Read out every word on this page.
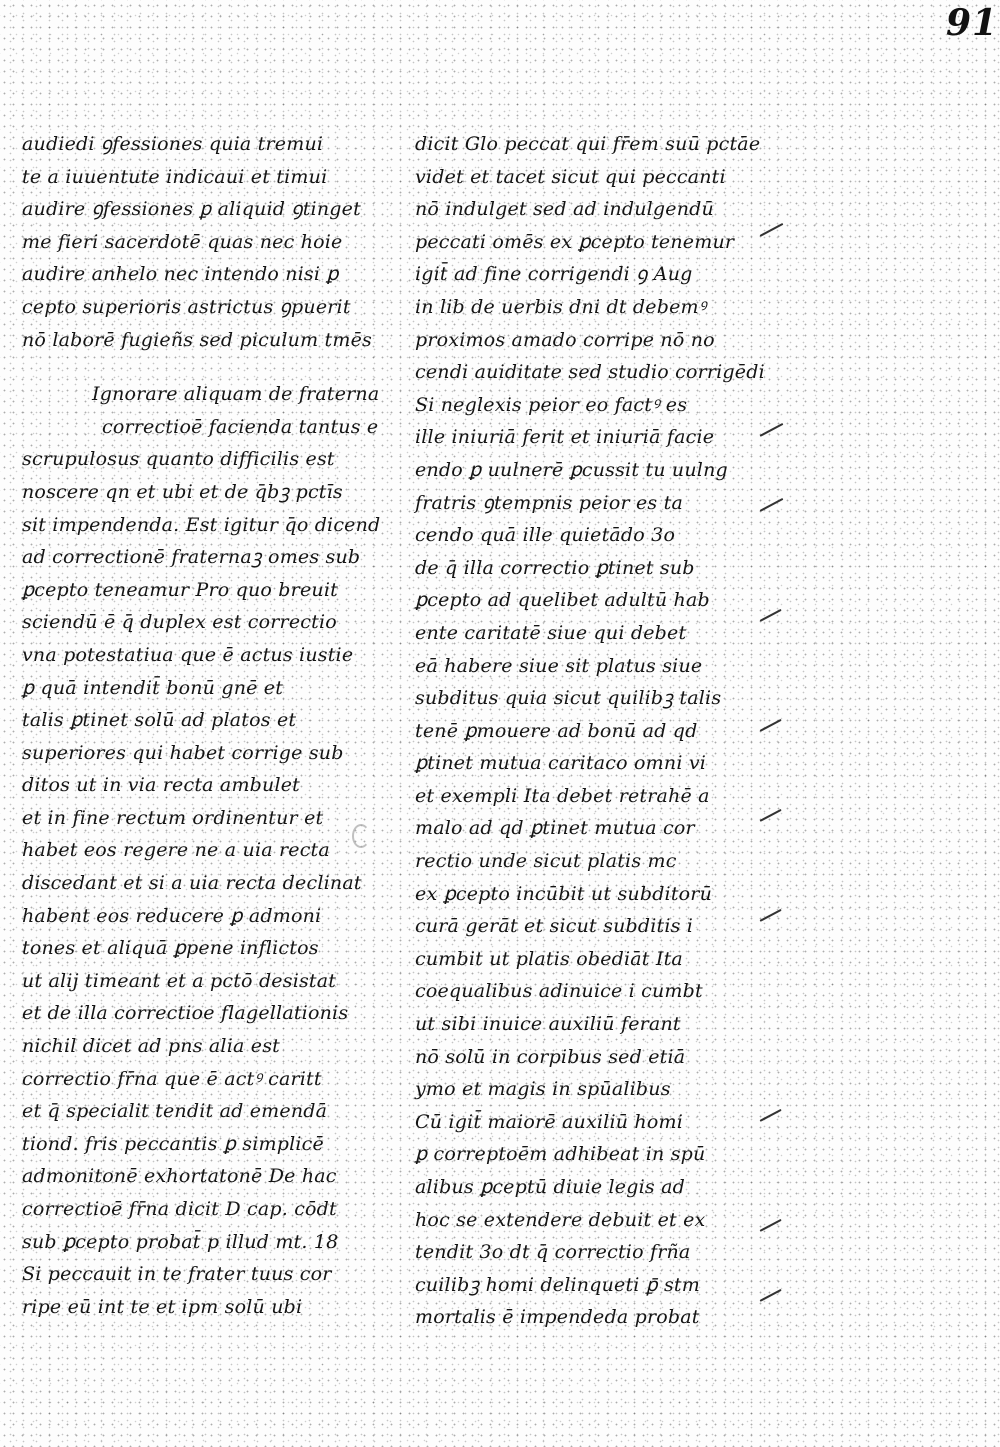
91
audiedi ꝯfessiones quia tremui
te a iuuentute indicaui et timui
audire ꝯfessiones ꝑ aliquid ꝯtinget
me fieri sacerdotē quas nec hoie
audire anhelo nec intendo nisi ꝑ
cepto superioris astrictus ꝯpuerit
nō laborē fugieñs sed piculum tmēs
Ignorare aliquam de fraterna
correctioē facienda tantus e
scrupulosus quanto difficilis est
noscere qn et ubi et de q̄bꝫ pctīs
sit impendenda. Est igitur q̄o dicend
ad correctionē fraternaꝫ omes sub
ꝑcepto teneamur Pro quo breuit
sciendū ē q̄ duplex est correctio
vna potestatiua que ē actus iustie
ꝑ quā intendit̄ bonū gnē et
talis ꝑtinet solū ad platos et
superiores qui habet corrige sub
ditos ut in via recta ambulet
et in fine rectum ordinentur et
habet eos regere ne a uia recta
discedant et si a uia recta declinat
habent eos reducere ꝑ admoni
tones et aliquā ꝑpene inflictos
ut alij timeant et a pctō desistat
et de illa correctioe flagellationis
nichil dicet ad pns alia est
correctio fr̄na que ē actꝰ caritt
et q̄ specialit tendit ad emendā
tiond. fris peccantis ꝑ simplicē
admonitonē exhortatonē De hac
correctioē fr̄na dicit D cap. cōdt
sub ꝑcepto probat̄ p illud mt. 18
Si peccauit in te frater tuus cor
ripe eū int te et ipm solū ubi
dicit Glo peccat qui fr̄em suū pctāe
videt et tacet sicut qui peccanti
nō indulget sed ad indulgendū
peccati omēs ex ꝑcepto tenemur
igit̄ ad fine corrigendi ꝯ Aug
in lib de uerbis dni dt debemꝰ
proximos amado corripe nō no
cendi auiditate sed studio corrigēdi
Si neglexis peior eo factꝰ es
ille iniuriā ferit et iniuriā facie
endo ꝑ uulnerē ꝑcussit tu uulng
fratris ꝯtempnis peior es ta
cendo quā ille quietādo 3o
de q̄ illa correctio ꝑtinet sub
ꝑcepto ad quelibet adultū hab
ente caritatē siue qui debet
eā habere siue sit platus siue
subditus quia sicut quilibꝫ talis
tenē ꝑmouere ad bonū ad qd
ꝑtinet mutua caritaco omni vi
et exempli Ita debet retrahē a
malo ad qd ꝑtinet mutua cor
rectio unde sicut platis mc
ex ꝑcepto incūbit ut subditorū
curā gerāt et sicut subditis i
cumbit ut platis obediāt Ita
coequalibus adinuice i cumbt
ut sibi inuice auxiliū ferant
nō solū in corpibus sed etiā
ymo et magis in spūalibus
Cū igit̄ maiorē auxiliū homi
ꝑ correptoēm adhibeat in spū
alibus ꝑceptū diuie legis ad
hoc se extendere debuit et ex
tendit 3o dt q̄ correctio frña
cuilibꝫ homi delinqueti ꝑ̄ stm
mortalis ē impendeda probat
